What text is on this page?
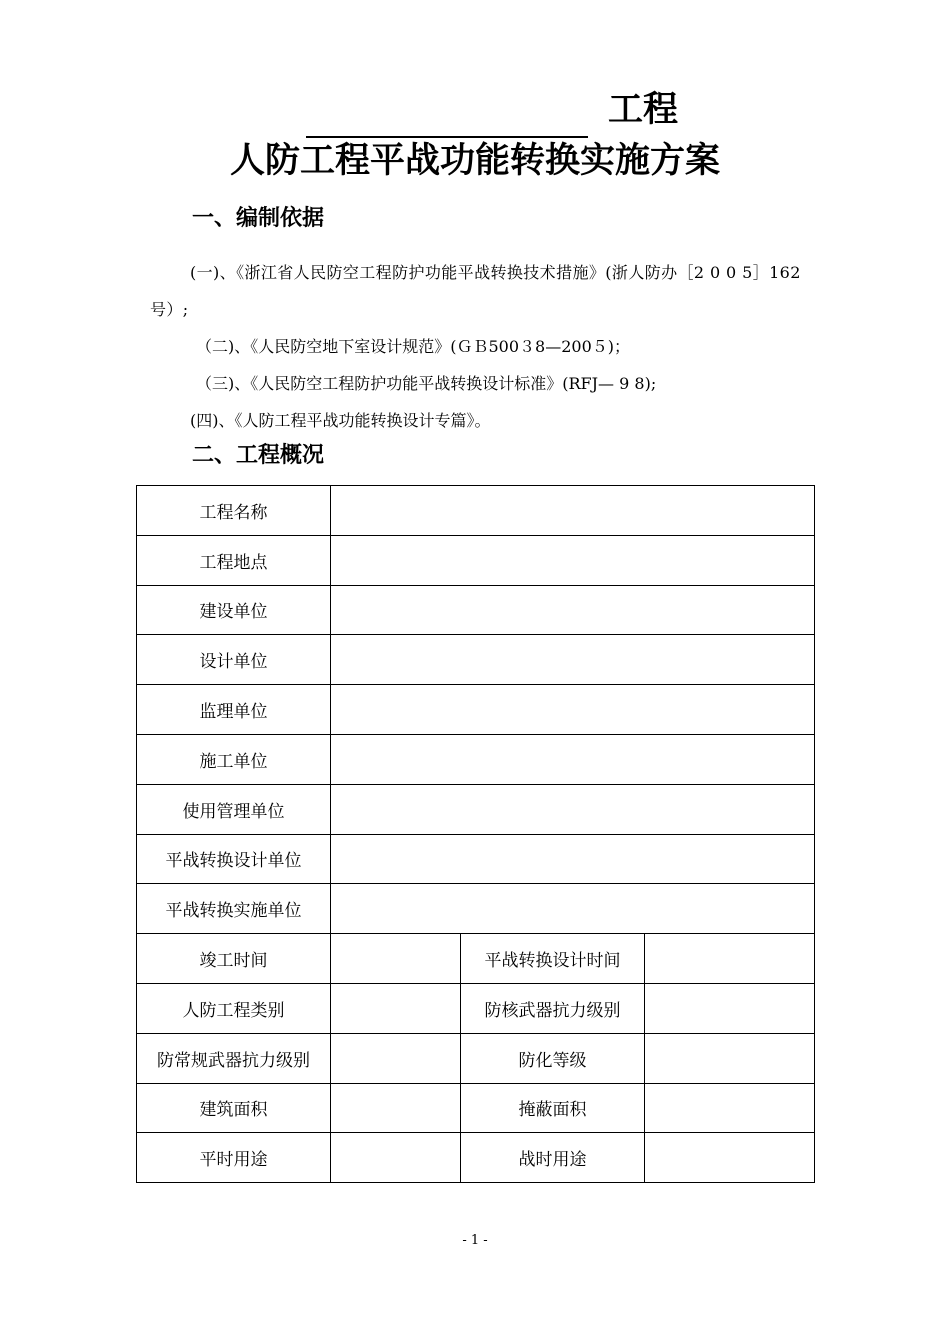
工程
人防工程平战功能转换实施方案
一、编制依据

(一)、《浙江省人民防空工程防护功能平战转换技术措施》(浙人防办［2 0 0 5］162 号）;

（二)、《人民防空地下室设计规范》(ＧＢ500３8—200５)；

（三)、《人民防空工程防护功能平战转换设计标准》(RFJ— 9 8);

(四)、《人防工程平战功能转换设计专篇》。

二、工程概况
工程名称			
工程地点			
建设单位			
设计单位			
监理单位			
施工单位			
使用管理单位			
平战转换设计单位			
平战转换实施单位			
竣工时间		平战转换设计时间	
人防工程类别		防核武器抗力级别	
防常规武器抗力级别		防化等级	
建筑面积		掩蔽面积	
平时用途		战时用途	
- 1 -
